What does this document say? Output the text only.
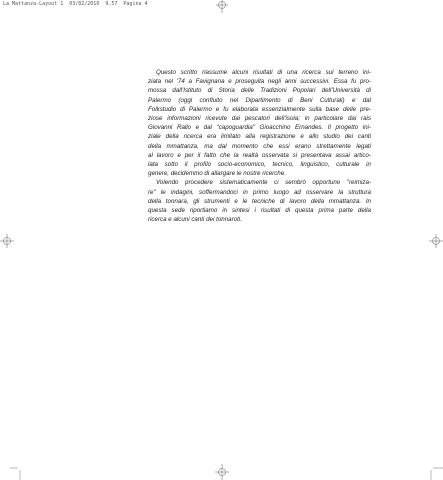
La Mattanza-Layout 1  03/02/2010  9.57  Pagina 4

Questo scritto riassume alcuni risultati di una ricerca sul terreno ini-
ziata nel '74 a Favignana e proseguita negli anni successivi. Essa fu pro-
mossa dall'Istituto di Storia delle Tradizioni Popolari dell'Università di
Palermo (oggi confluito nel Dipartimento di Beni Culturali) e dal
Folkstudio di Palermo e fu elaborata essenzialmente sulla base delle pre-
ziose informazioni ricevute dai pescatori dell'isola; in particolare dai rais
Giovanni Rallo e dal "capoguardia" Gioacchino Ernandes. Il progetto ini-
ziale della ricerca era limitato alla registrazione e allo studio dei canti
della mmattanza, ma dal momento che essi erano strettamente legati
al lavoro e per il fatto che la realtà osservata si presentava assai artico-
lata sotto il profilo socio-economico, tecnico, linguistico, culturale in
genere, decidemmo di allargare le nostre ricerche.

Volendo procedere sistematicamente ci sembrò opportuno "reimiza-
re" le indagini, soffermandoci in primo luogo ad osservare la struttura
della tonnara, gli strumenti e le tecniche di lavoro della mmattanza. In
questa sede riportiamo in sintesi i risultati di questa prima parte della
ricerca e alcuni canti dei tonnaroti.
